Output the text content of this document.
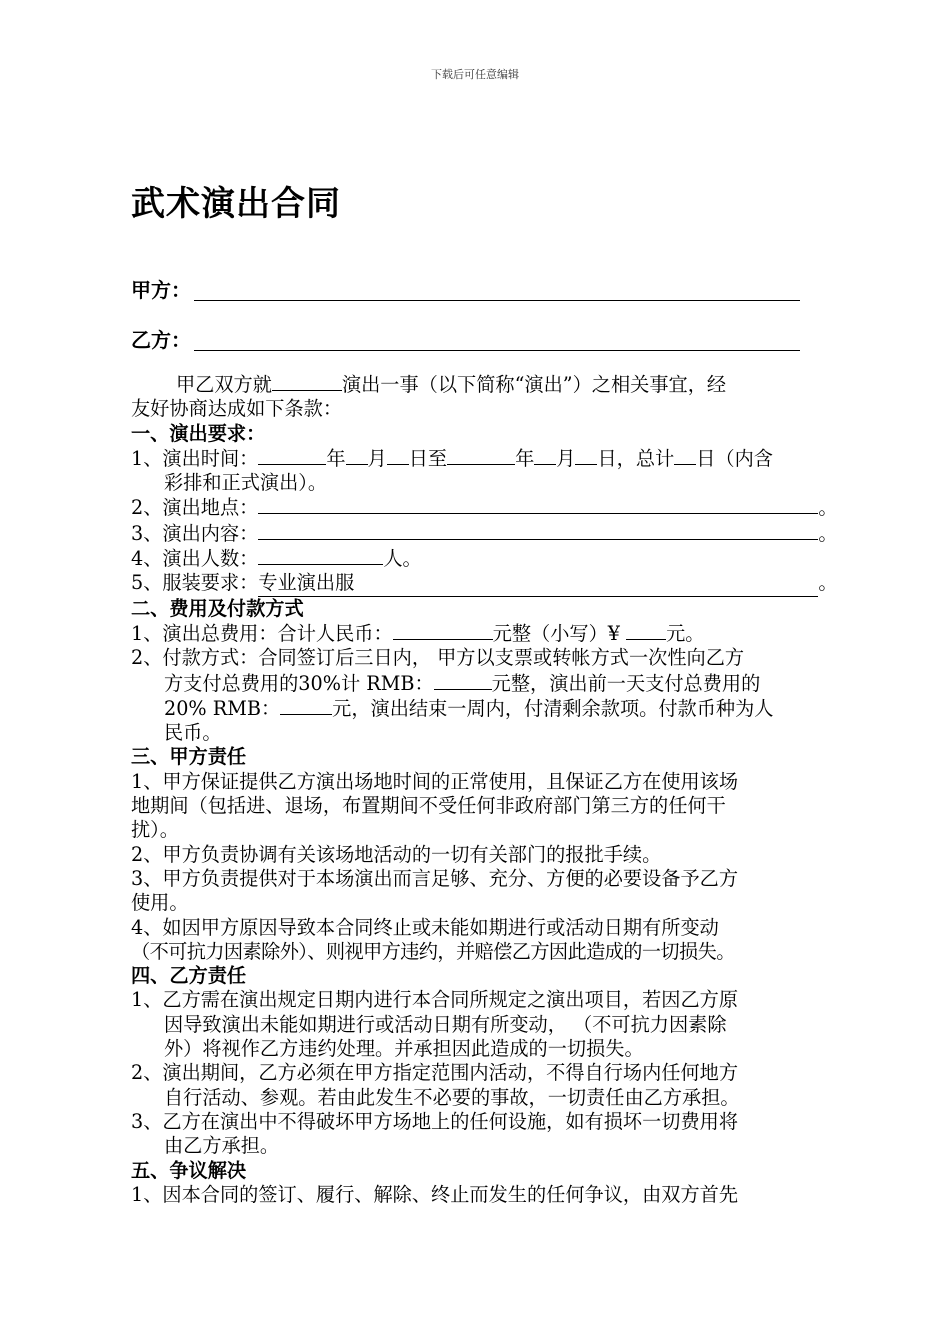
下载后可任意编辑
武术演出合同
甲方：
乙方：

甲乙双方就	演出一事（以下简称“演出”）之相关事宜，经

友好协商达成如下条款：

一、演出要求：

1、演出时间：	年 月 日至	年 月 日，总计 日（内含

彩排和正式演出）。

2、演出地点：	。

3、演出内容：	。

4、演出人数：	人。

5、服装要求：专业演出服	。

二、费用及付款方式

1、演出总费用：合计人民币：	元整（小写）¥ 元。

2、付款方式：合同签订后三日内， 甲方以支票或转帐方式一次性向乙方

方支付总费用的30%计 RMB：	元整，演出前一天支付总费用的

20% RMB：	元，演出结束一周内，付清剩余款项。付款币种为人

民币。

三、甲方责任

1、甲方保证提供乙方演出场地时间的正常使用，且保证乙方在使用该场

地期间（包括进、退场，布置期间不受任何非政府部门第三方的任何干

扰）。

2、甲方负责协调有关该场地活动的一切有关部门的报批手续。

3、甲方负责提供对于本场演出而言足够、充分、方便的必要设备予乙方

使用。

4、如因甲方原因导致本合同终止或未能如期进行或活动日期有所变动

（不可抗力因素除外）、则视甲方违约，并赔偿乙方因此造成的一切损失。

四、乙方责任

1、乙方需在演出规定日期内进行本合同所规定之演出项目，若因乙方原

因导致演出未能如期进行或活动日期有所变动， （不可抗力因素除

外）将视作乙方违约处理。并承担因此造成的一切损失。

2、演出期间，乙方必须在甲方指定范围内活动，不得自行场内任何地方

自行活动、参观。若由此发生不必要的事故，一切责任由乙方承担。

3、乙方在演出中不得破坏甲方场地上的任何设施，如有损坏一切费用将

由乙方承担。

五、争议解决

1、因本合同的签订、履行、解除、终止而发生的任何争议，由双方首先
